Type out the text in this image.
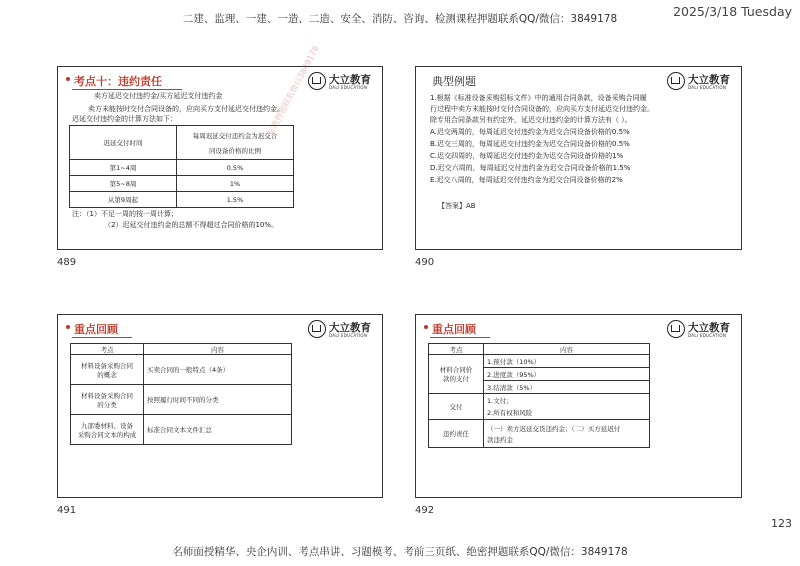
2025/3/18 Tuesday
二建、监理、一建、一造、二造、安全、消防、咨询、检测课程押题联系QQ/微信：3849178
考点十：违约责任	大立教育
DALI EDUCATION
卖方延迟交付违约金/买方延迟支付违约金
卖方未能按时交付合同设备的，应向买方支付延迟交付违约金。
迟延交付违约金的计算方法如下：
迟延交付时间	每周迟延交付违约金为迟交合
同设备价格的比例

第1~4周	0.5%
第5~8周	1%
从第9周起	1.5%
注：（1）不足一周的按一周计算；
（2）迟延交付违约金的总额不得超过合同价格的10%。
标准押题联系微信3849178
489
典型例题	大立教育
DALI EDUCATION
1.根据《标准设备采购招标文件》中的通用合同条款，设备采购合同履
行过程中卖方未能按时交付合同设备的，应向买方支付延迟交付违约金。
除专用合同条款另有约定外，延迟交付违约金的计算方法有（ ）。
A.迟交两周的，每周延迟交付违约金为迟交合同设备价格的0.5%
B.迟交三周的，每周延迟交付违约金为迟交合同设备价格的0.5%
C.迟交四周的，每周延迟交付违约金为迟交合同设备价格的1%
D.迟交六周的，每周延迟交付违约金为迟交合同设备价格的1.5%
E.迟交八周的，每周延迟交付违约金为迟交合同设备价格的2%
【答案】AB
490
重点回顾	大立教育
DALI EDUCATION
考点	内容

材料设备采购合同
的概念	买卖合同的一般特点（4条）

材料设备采购合同
的分类	按照履行时间不同的分类

九部委材料、设备
采购合同文本的构成	标准合同文本文件汇总
491
重点回顾	大立教育
DALI EDUCATION
考点	内容

材料合同价
款的支付	1.预付款（10%）
	2.进度款（95%）
	3.结清款（5%）
交付	1.文付；
2.所有权和风险

违约责任	（一）卖方迟延交货违约金；（二）买方延迟付
款违约金
492
123
名师面授精华、央企内训、考点串讲、习题模考、考前三页纸、绝密押题联系QQ/微信：3849178
